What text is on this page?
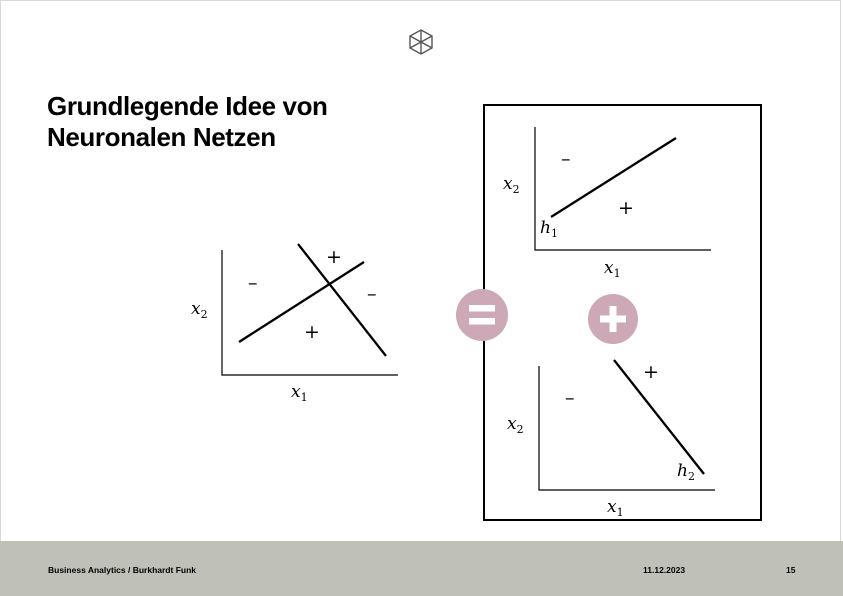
Grundlegende Idee von
Neuronalen Netzen
+
–	–
+
$x_2$
$x_1$
–
+
$x_2$
$h_1$
$x_1$
–
+
$x_2$
$h_2$
$x_1$
Business Analytics / Burkhardt Funk	11.12.2023	15
